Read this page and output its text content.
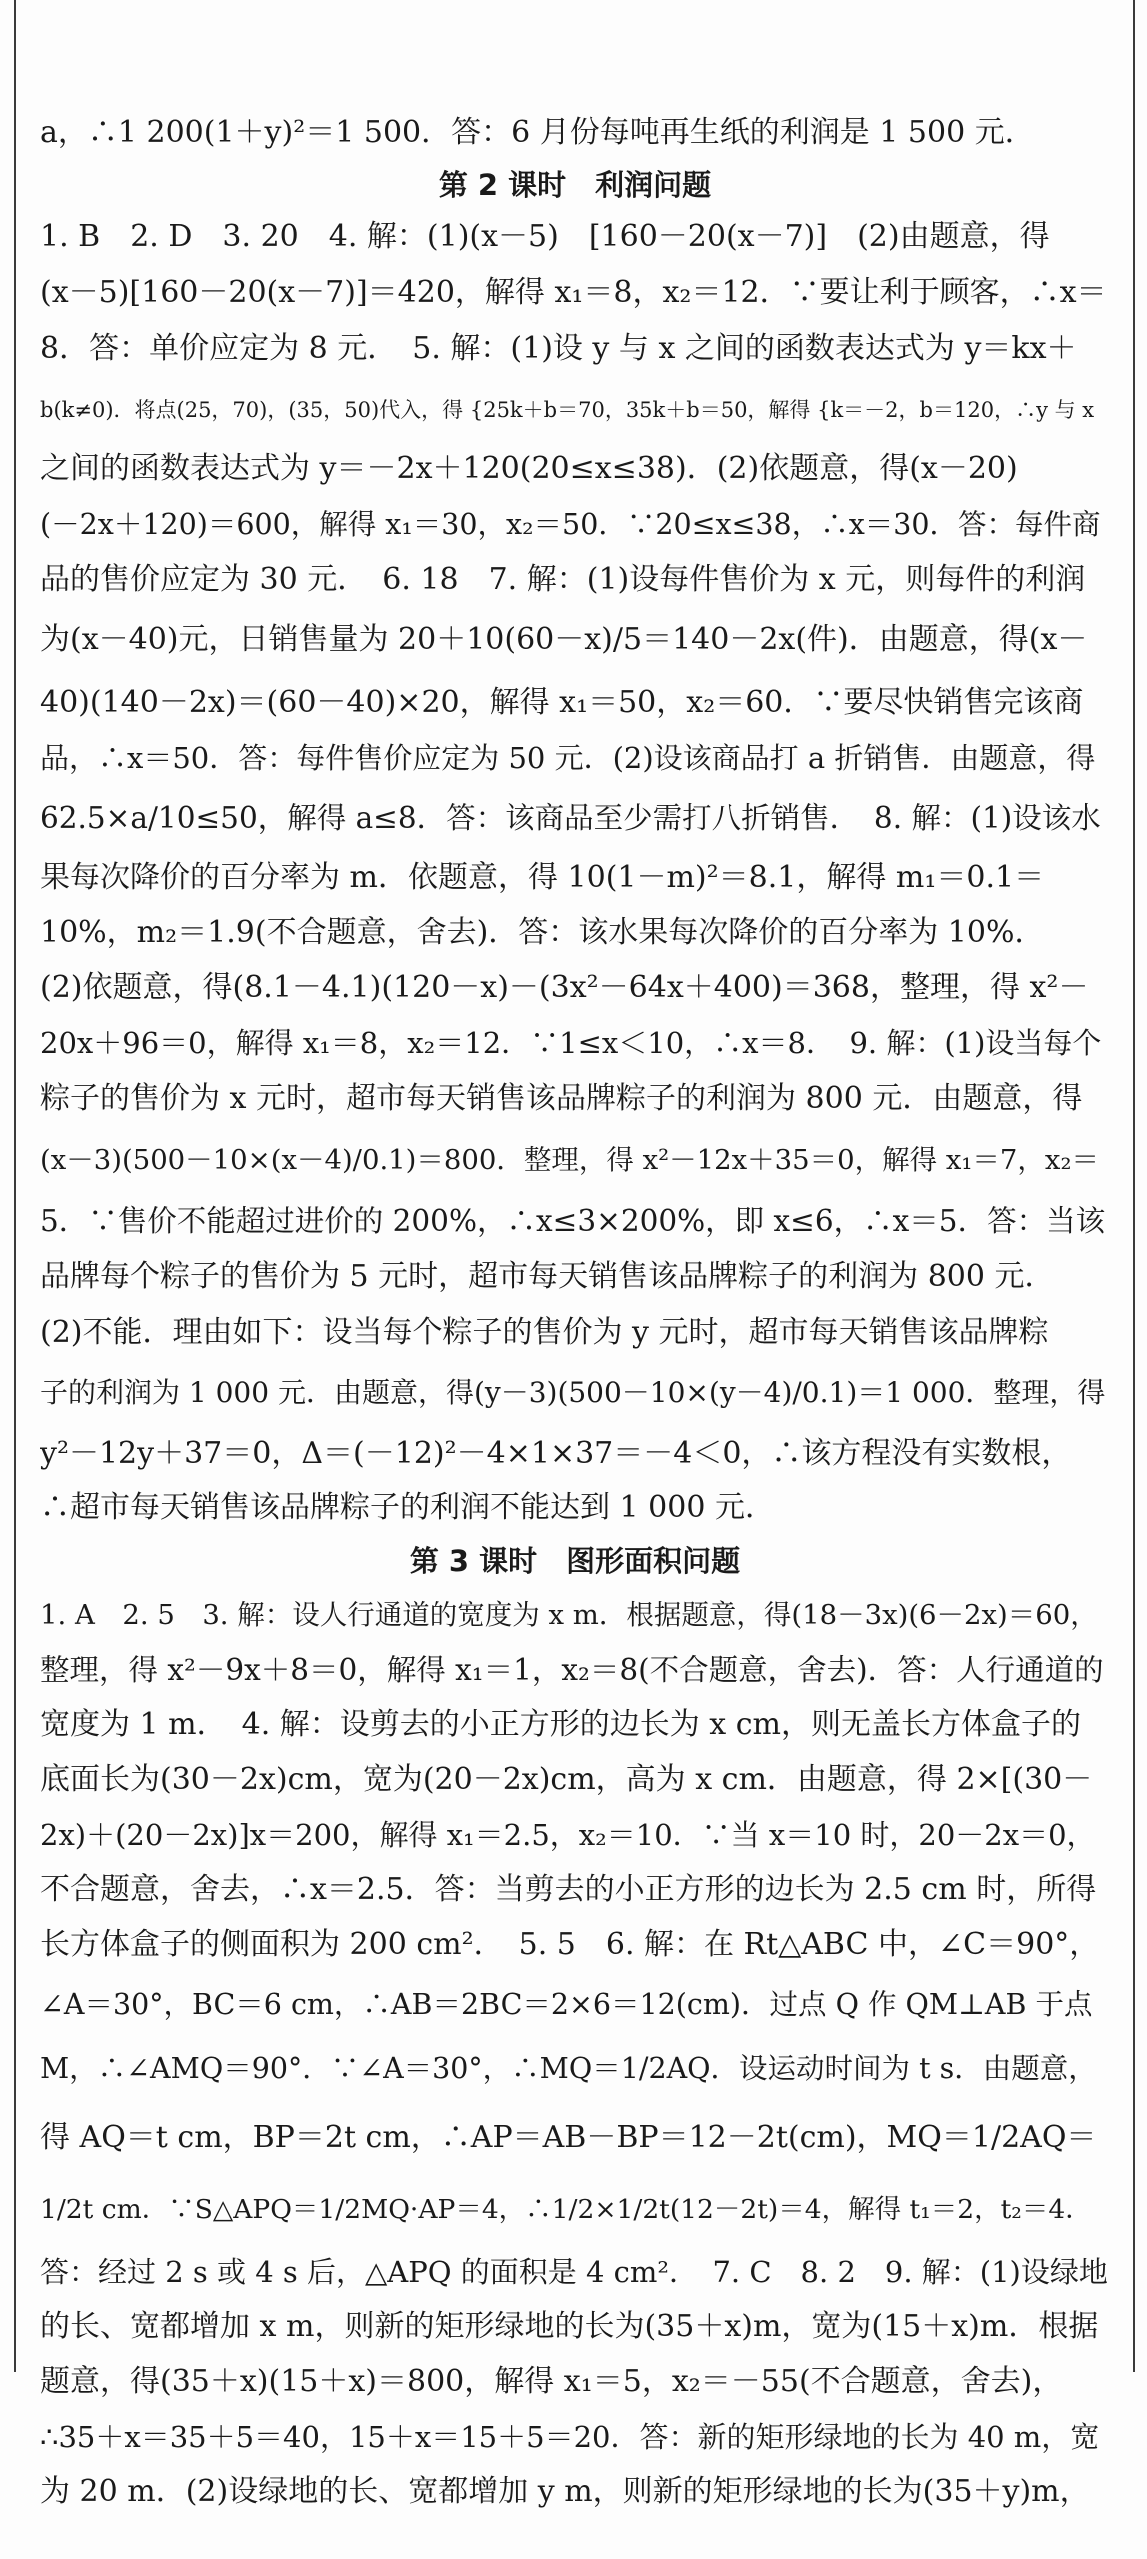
a，∴1 200(1＋y)²＝1 500．答：6 月份每吨再生纸的利润是 1 500 元．
第 2 课时　利润问题
1. B　2. D　3. 20　4. 解：(1)(x－5)　[160－20(x－7)]　(2)由题意，得
(x－5)[160－20(x－7)]＝420，解得 x₁＝8，x₂＝12．∵要让利于顾客，∴x＝
8．答：单价应定为 8 元．　5. 解：(1)设 y 与 x 之间的函数表达式为 y＝kx＋
b(k≠0)．将点(25，70)，(35，50)代入，得 {25k＋b＝70，35k＋b＝50，解得 {k＝－2，b＝120，∴y 与 x
之间的函数表达式为 y＝－2x＋120(20≤x≤38)．(2)依题意，得(x－20)
(－2x＋120)＝600，解得 x₁＝30，x₂＝50．∵20≤x≤38，∴x＝30．答：每件商
品的售价应定为 30 元．　6. 18　7. 解：(1)设每件售价为 x 元，则每件的利润
为(x－40)元，日销售量为 20＋10(60－x)/5＝140－2x(件)．由题意，得(x－
40)(140－2x)＝(60－40)×20，解得 x₁＝50，x₂＝60．∵要尽快销售完该商
品，∴x＝50．答：每件售价应定为 50 元．(2)设该商品打 a 折销售．由题意，得
62.5×a/10≤50，解得 a≤8．答：该商品至少需打八折销售．　8. 解：(1)设该水
果每次降价的百分率为 m．依题意，得 10(1－m)²＝8.1，解得 m₁＝0.1＝
10%，m₂＝1.9(不合题意，舍去)．答：该水果每次降价的百分率为 10%．
(2)依题意，得(8.1－4.1)(120－x)－(3x²－64x＋400)＝368，整理，得 x²－
20x＋96＝0，解得 x₁＝8，x₂＝12．∵1≤x＜10，∴x＝8．　9. 解：(1)设当每个
粽子的售价为 x 元时，超市每天销售该品牌粽子的利润为 800 元．由题意，得
(x－3)(500－10×(x－4)/0.1)＝800．整理，得 x²－12x＋35＝0，解得 x₁＝7，x₂＝
5．∵售价不能超过进价的 200%，∴x≤3×200%，即 x≤6，∴x＝5．答：当该
品牌每个粽子的售价为 5 元时，超市每天销售该品牌粽子的利润为 800 元．
(2)不能．理由如下：设当每个粽子的售价为 y 元时，超市每天销售该品牌粽
子的利润为 1 000 元．由题意，得(y－3)(500－10×(y－4)/0.1)＝1 000．整理，得
y²－12y＋37＝0，Δ＝(－12)²－4×1×37＝－4＜0，∴该方程没有实数根，
∴超市每天销售该品牌粽子的利润不能达到 1 000 元．
第 3 课时　图形面积问题
1. A　2. 5　3. 解：设人行通道的宽度为 x m．根据题意，得(18－3x)(6－2x)＝60，
整理，得 x²－9x＋8＝0，解得 x₁＝1，x₂＝8(不合题意，舍去)．答：人行通道的
宽度为 1 m．　4. 解：设剪去的小正方形的边长为 x cm，则无盖长方体盒子的
底面长为(30－2x)cm，宽为(20－2x)cm，高为 x cm．由题意，得 2×[(30－
2x)＋(20－2x)]x＝200，解得 x₁＝2.5，x₂＝10．∵当 x＝10 时，20－2x＝0，
不合题意，舍去，∴x＝2.5．答：当剪去的小正方形的边长为 2.5 cm 时，所得
长方体盒子的侧面积为 200 cm²．　5. 5　6. 解：在 Rt△ABC 中，∠C＝90°，
∠A＝30°，BC＝6 cm，∴AB＝2BC＝2×6＝12(cm)．过点 Q 作 QM⊥AB 于点
M，∴∠AMQ＝90°．∵∠A＝30°，∴MQ＝1/2AQ．设运动时间为 t s．由题意，
得 AQ＝t cm，BP＝2t cm，∴AP＝AB－BP＝12－2t(cm)，MQ＝1/2AQ＝
1/2t cm．∵S△APQ＝1/2MQ·AP＝4，∴1/2×1/2t(12－2t)＝4，解得 t₁＝2，t₂＝4．
答：经过 2 s 或 4 s 后，△APQ 的面积是 4 cm²．　7. C　8. 2　9. 解：(1)设绿地
的长、宽都增加 x m，则新的矩形绿地的长为(35＋x)m，宽为(15＋x)m．根据
题意，得(35＋x)(15＋x)＝800，解得 x₁＝5，x₂＝－55(不合题意，舍去)，
∴35＋x＝35＋5＝40，15＋x＝15＋5＝20．答：新的矩形绿地的长为 40 m，宽
为 20 m．(2)设绿地的长、宽都增加 y m，则新的矩形绿地的长为(35＋y)m，
